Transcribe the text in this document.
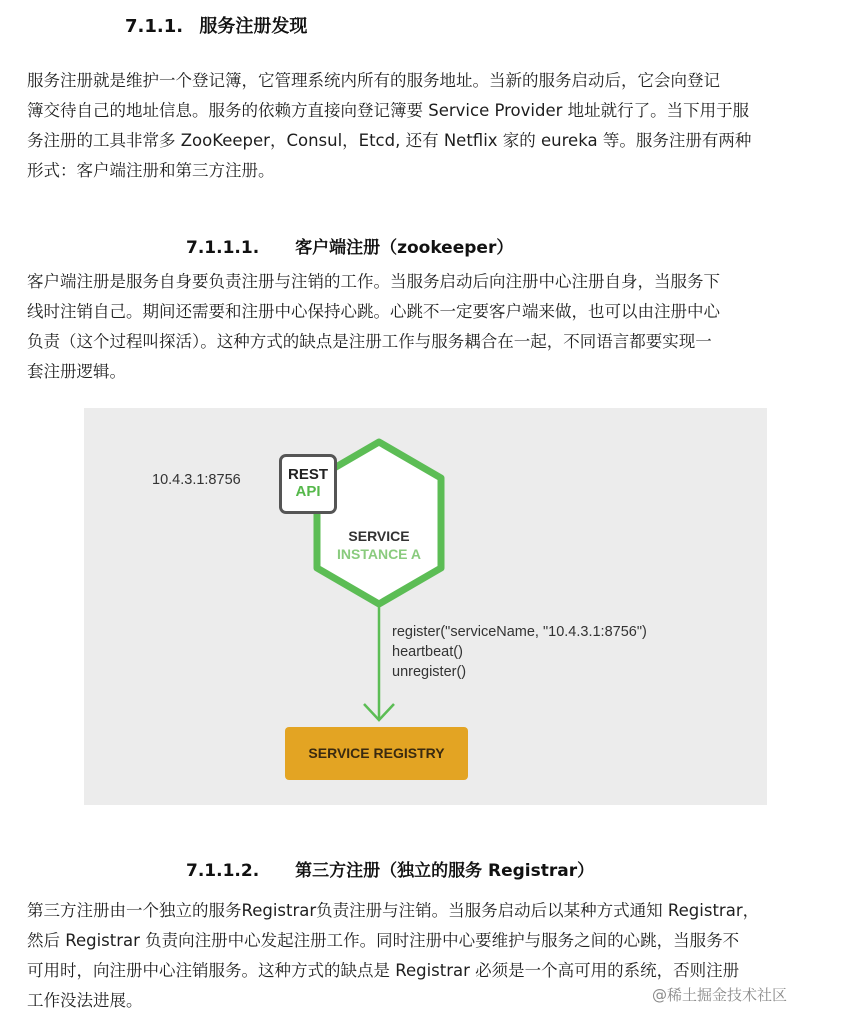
7.1.1. 服务注册发现
服务注册就是维护一个登记簿，它管理系统内所有的服务地址。当新的服务启动后，它会向登记
簿交待自己的地址信息。服务的依赖方直接向登记簿要 Service Provider 地址就行了。当下用于服
务注册的工具非常多 ZooKeeper，Consul，Etcd, 还有 Netflix 家的 eureka 等。服务注册有两种
形式：客户端注册和第三方注册。
7.1.1.1. 客户端注册（zookeeper）
客户端注册是服务自身要负责注册与注销的工作。当服务启动后向注册中心注册自身，当服务下
线时注销自己。期间还需要和注册中心保持心跳。心跳不一定要客户端来做，也可以由注册中心
负责（这个过程叫探活）。这种方式的缺点是注册工作与服务耦合在一起，不同语言都要实现一
套注册逻辑。
10.4.3.1:8756	REST
API
SERVICE
INSTANCE A
register("serviceName, "10.4.3.1:8756")
heartbeat()
unregister()
SERVICE REGISTRY
7.1.1.2. 第三方注册（独立的服务 Registrar）
第三方注册由一个独立的服务Registrar负责注册与注销。当服务启动后以某种方式通知 Registrar，
然后 Registrar 负责向注册中心发起注册工作。同时注册中心要维护与服务之间的心跳，当服务不
可用时，向注册中心注销服务。这种方式的缺点是 Registrar 必须是一个高可用的系统，否则注册
工作没法进展。	@稀土掘金技术社区
